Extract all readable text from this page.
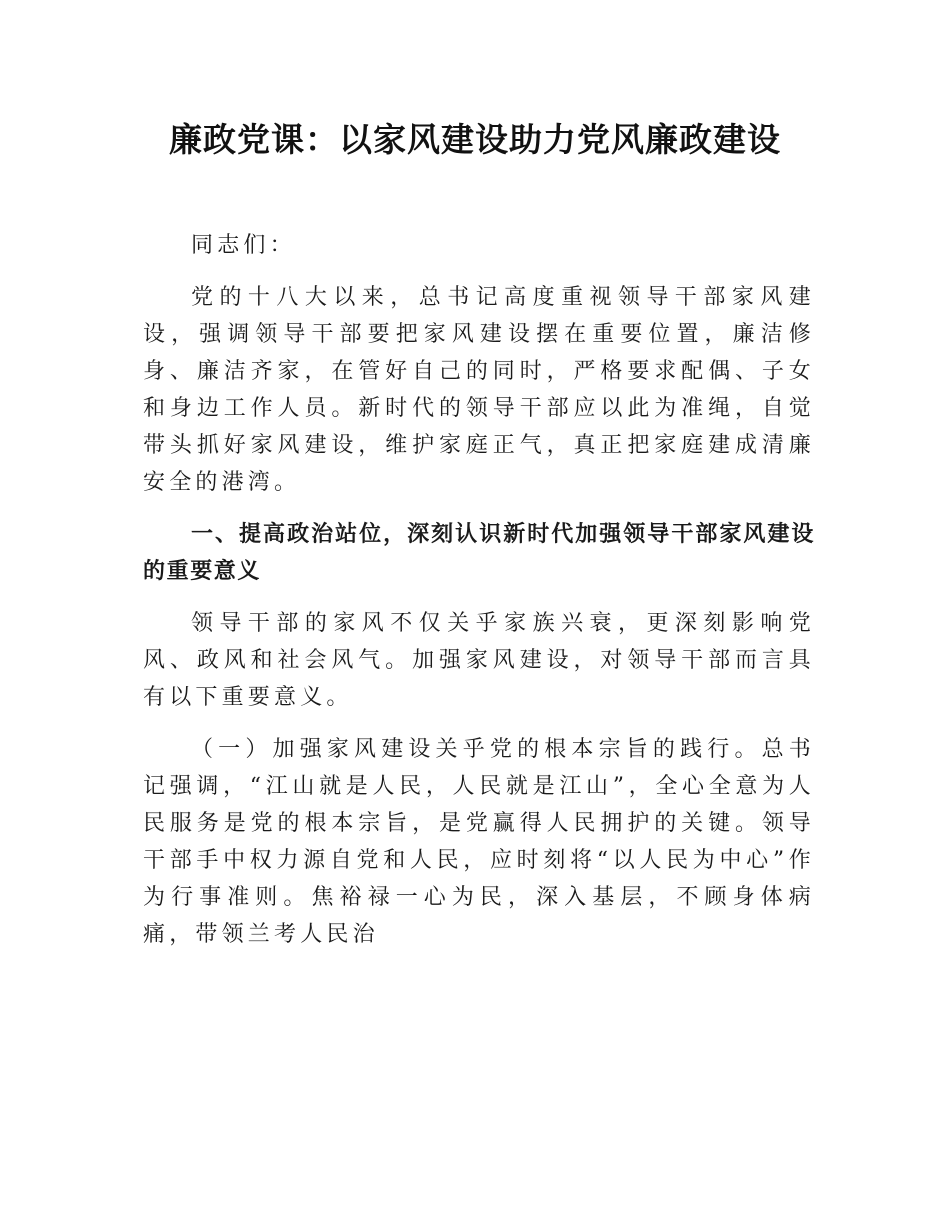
廉政党课：以家风建设助力党风廉政建设

同志们：

党的十八大以来，总书记高度重视领导干部家风建设，强调领导干部要把家风建设摆在重要位置，廉洁修身、廉洁齐家，在管好自己的同时，严格要求配偶、子女和身边工作人员。新时代的领导干部应以此为准绳，自觉带头抓好家风建设，维护家庭正气，真正把家庭建成清廉安全的港湾。

一、提高政治站位，深刻认识新时代加强领导干部家风建设的重要意义

领导干部的家风不仅关乎家族兴衰，更深刻影响党风、政风和社会风气。加强家风建设，对领导干部而言具有以下重要意义。

（一）加强家风建设关乎党的根本宗旨的践行。总书记强调，“江山就是人民，人民就是江山”，全心全意为人民服务是党的根本宗旨，是党赢得人民拥护的关键。领导干部手中权力源自党和人民，应时刻将“以人民为中心”作为行事准则。焦裕禄一心为民，深入基层，不顾身体病痛，带领兰考人民治
